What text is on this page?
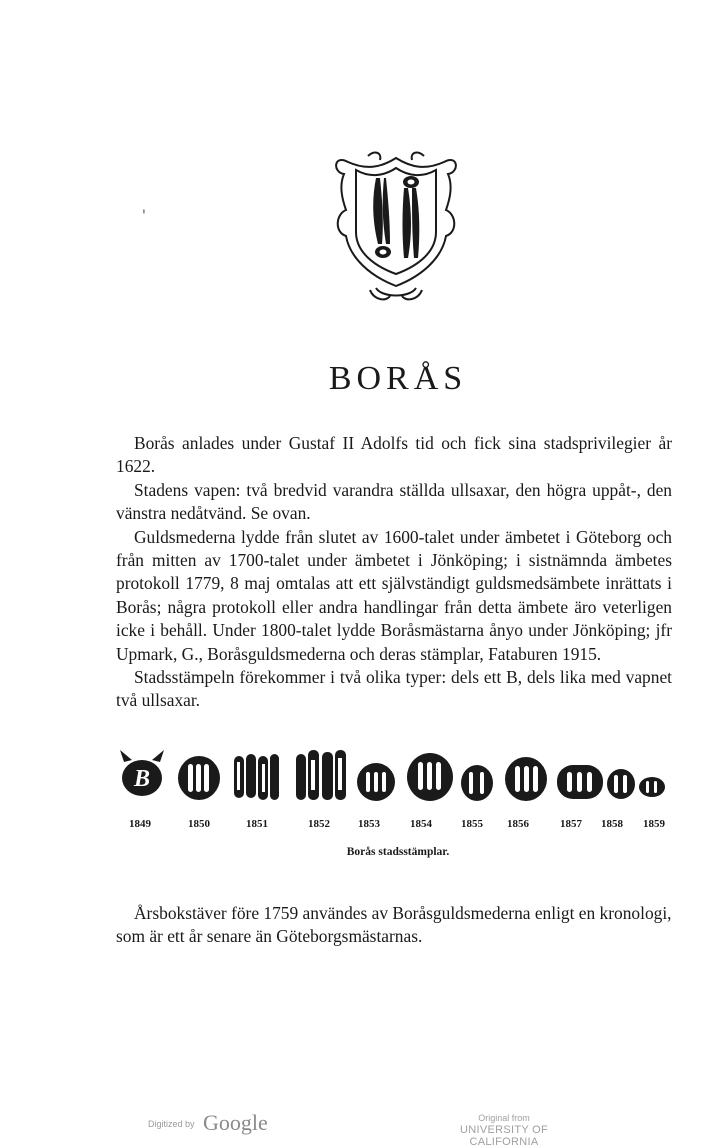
'
BORÅS

Borås anlades under Gustaf II Adolfs tid och fick sina stadsprivilegier år 1622.

Stadens vapen: två bredvid varandra ställda ullsaxar, den högra uppåt-, den vänstra nedåtvänd. Se ovan.

Guldsmederna lydde från slutet av 1600-talet under ämbetet i Göteborg och från mitten av 1700-talet under ämbetet i Jönköping; i sistnämnda ämbetes protokoll 1779, 8 maj omtalas att ett självständigt guldsmedsämbete inrättats i Borås; några protokoll eller andra handlingar från detta ämbete äro veterligen icke i behåll. Under 1800-talet lydde Boråsmästarna ånyo under Jönköping; jfr Upmark, G., Boråsguldsmederna och deras stämplar, Fataburen 1915.

Stadsstämpeln förekommer i två olika typer: dels ett B, dels lika med vapnet två ullsaxar.

B
1849	1850	1851	1852	1853	1854	1855 1856	1857 1858 1859
Borås stadsstämplar.

Årsbokstäver före 1759 användes av Boråsguldsmederna enligt en kronologi, som är ett år senare än Göteborgsmästarnas.

Digitized by Google	Original from
UNIVERSITY OF CALIFORNIA
